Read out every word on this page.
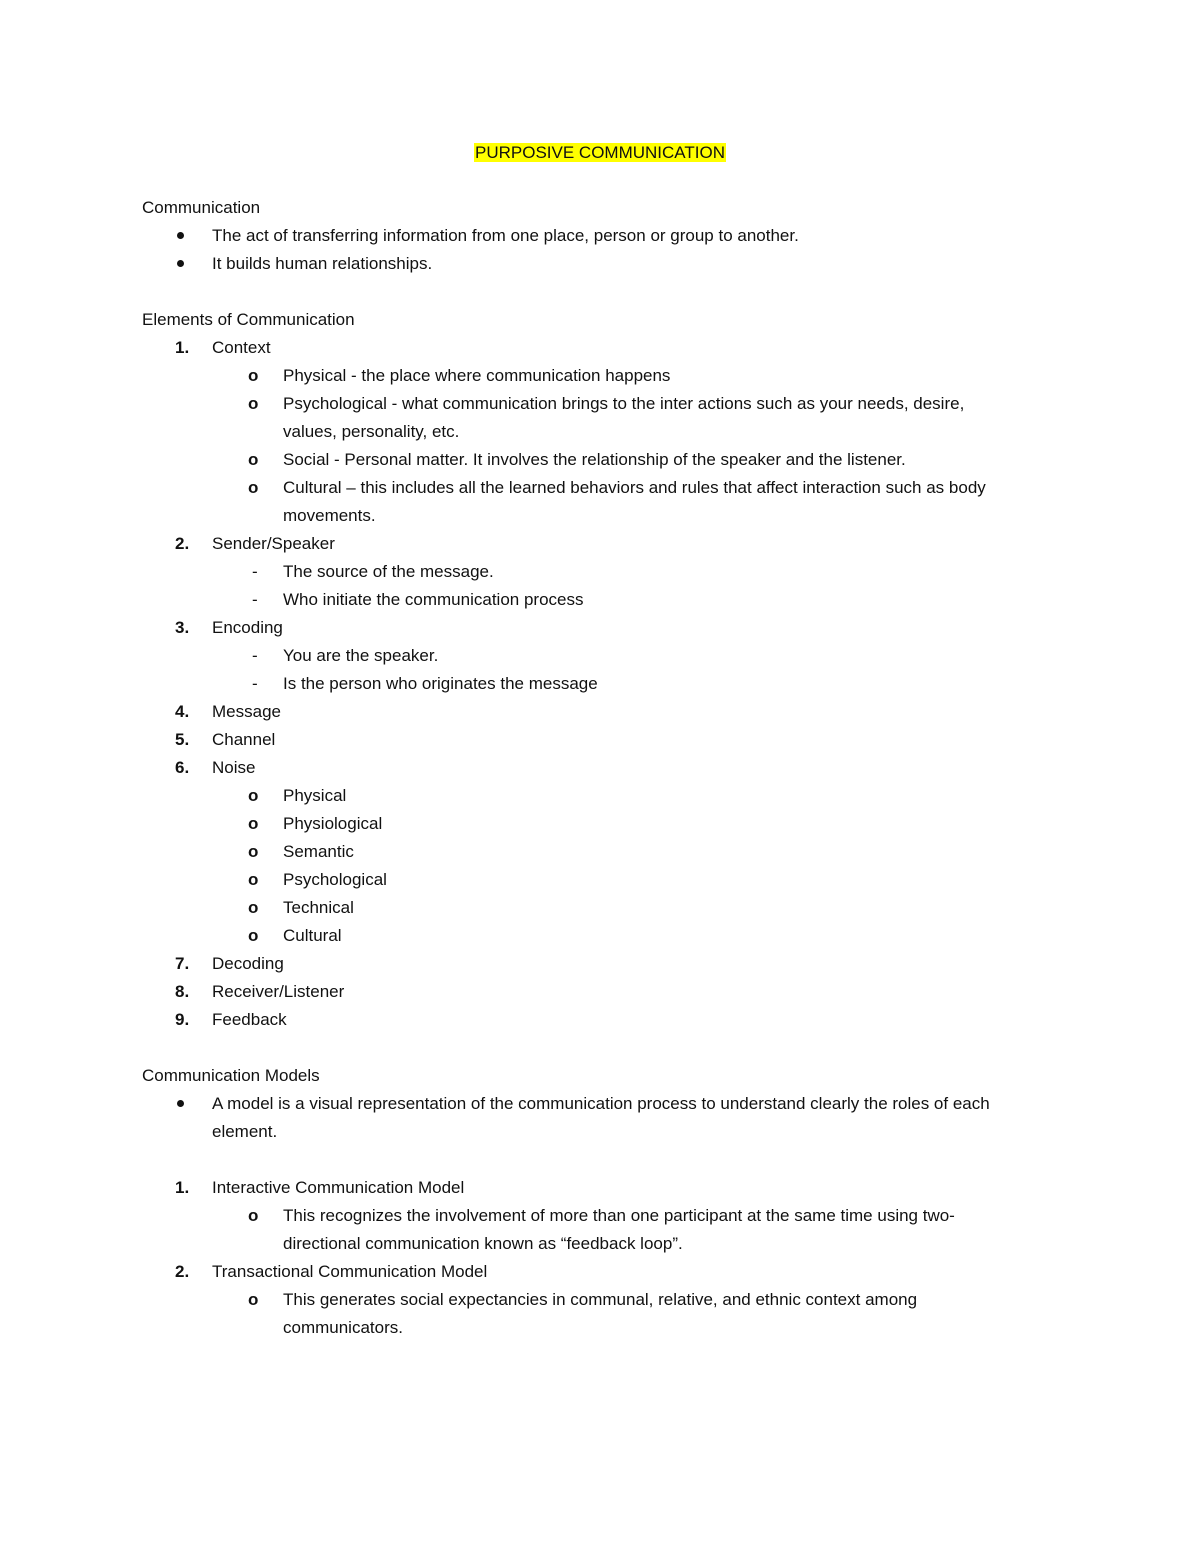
PURPOSIVE COMMUNICATION
Communication
The act of transferring information from one place, person or group to another.
It builds human relationships.
Elements of Communication
1. Context
o Physical - the place where communication happens
o Psychological - what communication brings to the inter actions such as your needs, desire,
values, personality, etc.
o Social - Personal matter. It involves the relationship of the speaker and the listener.
o Cultural – this includes all the learned behaviors and rules that affect interaction such as body
movements.
2. Sender/Speaker
- The source of the message.
- Who initiate the communication process
3. Encoding
- You are the speaker.
- Is the person who originates the message
4. Message
5. Channel
6. Noise
o Physical
o Physiological
o Semantic
o Psychological
o Technical
o Cultural
7. Decoding
8. Receiver/Listener
9. Feedback
Communication Models
A model is a visual representation of the communication process to understand clearly the roles of each
element.
1. Interactive Communication Model
o This recognizes the involvement of more than one participant at the same time using two-
directional communication known as “feedback loop”.
2. Transactional Communication Model
o This generates social expectancies in communal, relative, and ethnic context among
communicators.
